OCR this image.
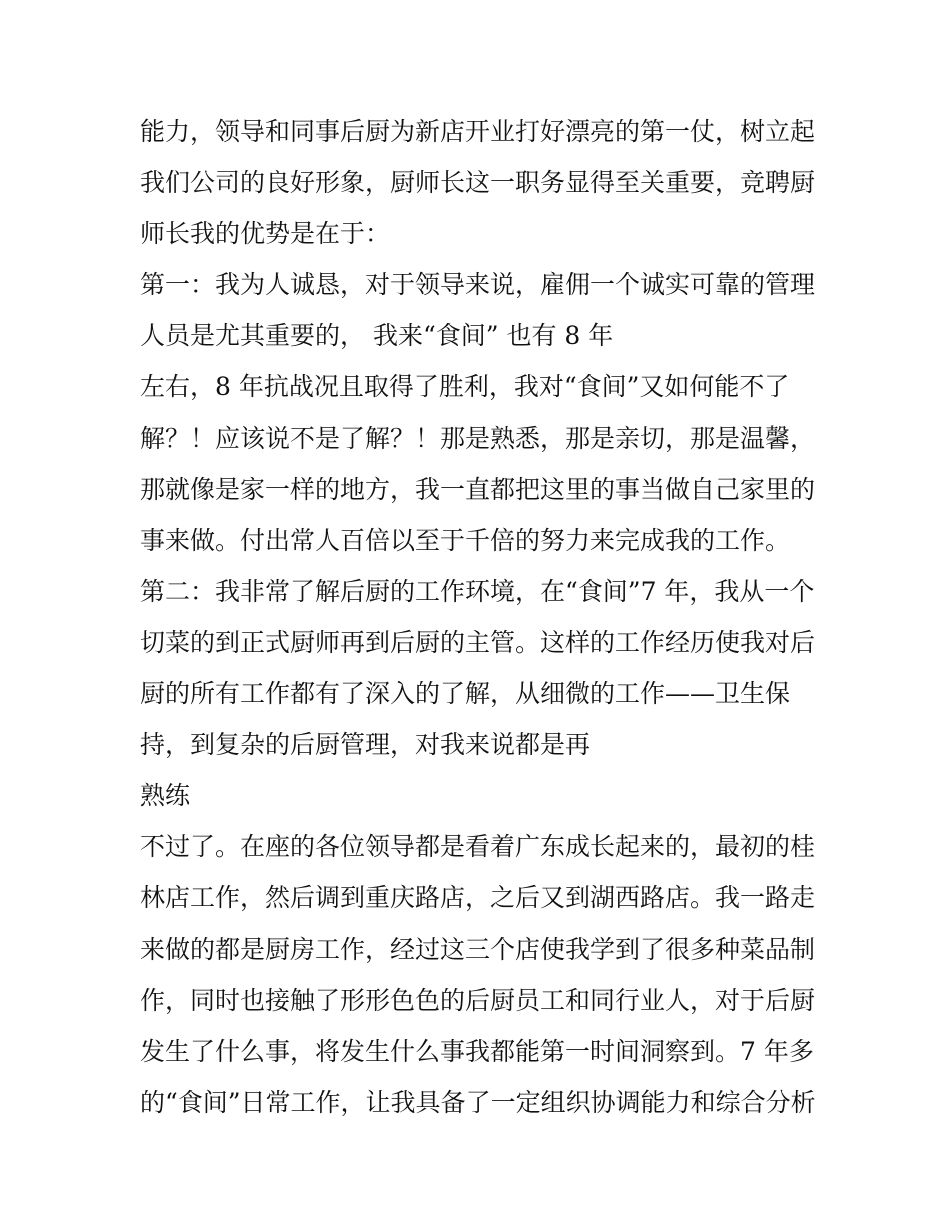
能力，领导和同事后厨为新店开业打好漂亮的第一仗，树立起
我们公司的良好形象，厨师长这一职务显得至关重要，竞聘厨
师长我的优势是在于：
第一：我为人诚恳，对于领导来说，雇佣一个诚实可靠的管理
人员是尤其重要的， 我来“食间” 也有 8 年
左右，8 年抗战况且取得了胜利，我对“食间”又如何能不了
解？！应该说不是了解？！那是熟悉，那是亲切，那是温馨，
那就像是家一样的地方，我一直都把这里的事当做自己家里的
事来做。付出常人百倍以至于千倍的努力来完成我的工作。
第二：我非常了解后厨的工作环境，在“食间”7 年，我从一个
切菜的到正式厨师再到后厨的主管。这样的工作经历使我对后
厨的所有工作都有了深入的了解，从细微的工作——卫生保
持，到复杂的后厨管理，对我来说都是再
熟练
不过了。在座的各位领导都是看着广东成长起来的，最初的桂
林店工作，然后调到重庆路店，之后又到湖西路店。我一路走
来做的都是厨房工作，经过这三个店使我学到了很多种菜品制
作，同时也接触了形形色色的后厨员工和同行业人，对于后厨
发生了什么事，将发生什么事我都能第一时间洞察到。7 年多
的“食间”日常工作，让我具备了一定组织协调能力和综合分析
